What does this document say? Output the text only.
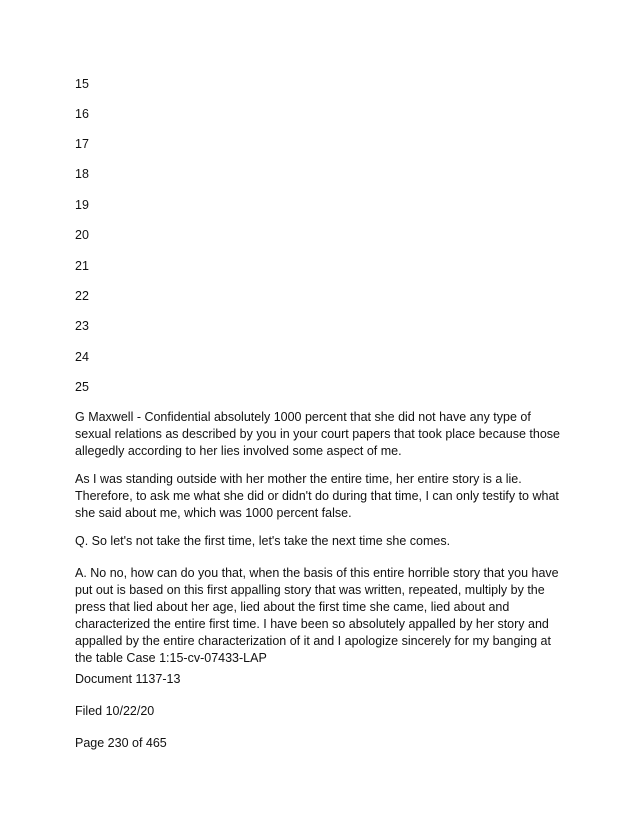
15

16

17

18

19

20

21

22

23

24

25

G Maxwell - Confidential absolutely 1000 percent that she did not have any type of sexual relations as described by you in your court papers that took place because those allegedly according to her lies involved some aspect of me.

As I was standing outside with her mother the entire time, her entire story is a lie. Therefore, to ask me what she did or didn't do during that time, I can only testify to what she said about me, which was 1000 percent false.

Q. So let's not take the first time, let's take the next time she comes.

A. No no, how can do you that, when the basis of this entire horrible story that you have put out is based on this first appalling story that was written, repeated, multiply by the press that lied about her age, lied about the first time she came, lied about and characterized the entire first time. I have been so absolutely appalled by her story and appalled by the entire characterization of it and I apologize sincerely for my banging at the table Case 1:15-cv-07433-LAP

Document 1137-13

Filed 10/22/20

Page 230 of 465
